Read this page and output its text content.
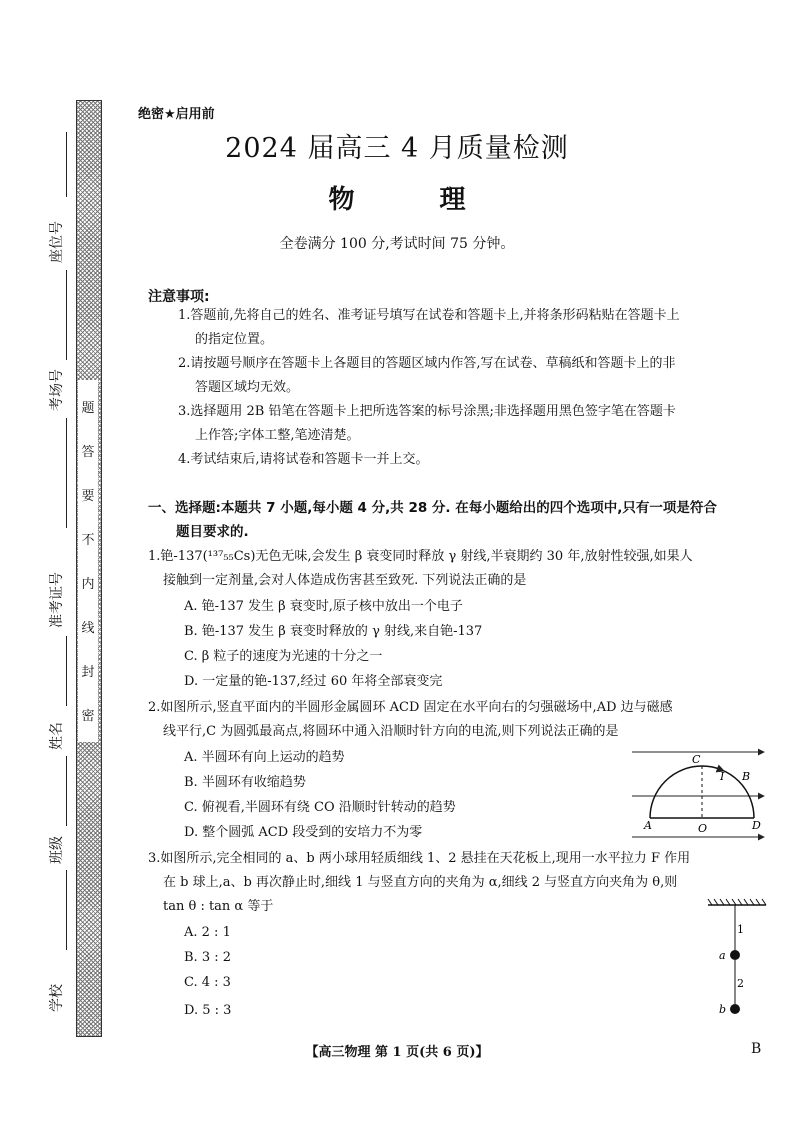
题
答
要
不
内
线
封
密
座位号
考场号
准考证号
姓名
班级
学校
绝密★启用前
2024 届高三 4 月质量检测
物 理
全卷满分 100 分,考试时间 75 分钟。
注意事项:
1.答题前,先将自己的姓名、准考证号填写在试卷和答题卡上,并将条形码粘贴在答题卡上
的指定位置。
2.请按题号顺序在答题卡上各题目的答题区域内作答,写在试卷、草稿纸和答题卡上的非
答题区域均无效。
3.选择题用 2B 铅笔在答题卡上把所选答案的标号涂黑;非选择题用黑色签字笔在答题卡
上作答;字体工整,笔迹清楚。
4.考试结束后,请将试卷和答题卡一并上交。
一、选择题:本题共 7 小题,每小题 4 分,共 28 分. 在每小题给出的四个选项中,只有一项是符合
题目要求的.
1.铯-137(¹³⁷₅₅Cs)无色无味,会发生 β 衰变同时释放 γ 射线,半衰期约 30 年,放射性较强,如果人
接触到一定剂量,会对人体造成伤害甚至致死. 下列说法正确的是
A. 铯-137 发生 β 衰变时,原子核中放出一个电子
B. 铯-137 发生 β 衰变时释放的 γ 射线,来自铯-137
C. β 粒子的速度为光速的十分之一
D. 一定量的铯-137,经过 60 年将全部衰变完
2.如图所示,竖直平面内的半圆形金属圆环 ACD 固定在水平向右的匀强磁场中,AD 边与磁感
线平行,C 为圆弧最高点,将圆环中通入沿顺时针方向的电流,则下列说法正确的是
A. 半圆环有向上运动的趋势
B. 半圆环有收缩趋势
C. 俯视看,半圆环有绕 CO 沿顺时针转动的趋势
D. 整个圆弧 ACD 段受到的安培力不为零
C
I B
A	O	D
3.如图所示,完全相同的 a、b 两小球用轻质细线 1、2 悬挂在天花板上,现用一水平拉力 F 作用
在 b 球上,a、b 再次静止时,细线 1 与竖直方向的夹角为 α,细线 2 与竖直方向夹角为 θ,则
tan θ : tan α 等于
A. 2 : 1
B. 3 : 2
C. 4 : 3
D. 5 : 3
1
2
a
b
【高三物理 第 1 页(共 6 页)】	B
